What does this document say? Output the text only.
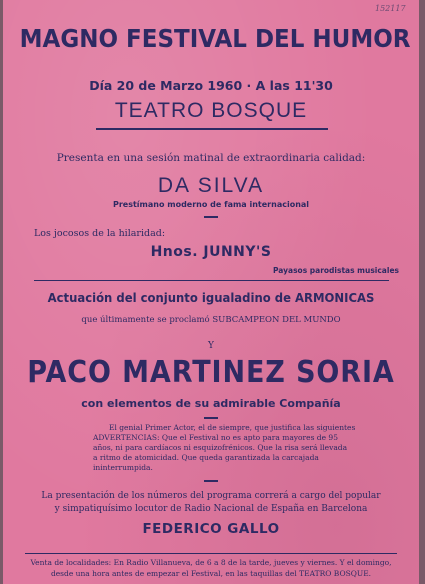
152117
MAGNO FESTIVAL DEL HUMOR
Día 20 de Marzo 1960 · A las 11'30
TEATRO BOSQUE
Presenta en una sesión matinal de extraordinaria calidad:
DA SILVA
Prestímano moderno de fama internacional
Los jocosos de la hilaridad:
Hnos. JUNNY'S
Payasos parodistas musicales
Actuación del conjunto igualadino de ARMONICAS
que últimamente se proclamó SUBCAMPEON DEL MUNDO
Y
PACO MARTINEZ SORIA
con elementos de su admirable Compañía
El genial Primer Actor, el de siempre, que justifica las siguientes
ADVERTENCIAS: Que el Festival no es apto para mayores de 95
años, ni para cardíacos ni esquizofrénicos. Que la risa será llevada
a ritmo de atomicidad. Que queda garantizada la carcajada
ininterrumpida.
La presentación de los números del programa correrá a cargo del popular
y simpatiquísimo locutor de Radio Nacional de España en Barcelona
FEDERICO GALLO
Venta de localidades: En Radio Villanueva, de 6 a 8 de la tarde, jueves y viernes. Y el domingo,
desde una hora antes de empezar el Festival, en las taquillas del TEATRO BOSQUE.
